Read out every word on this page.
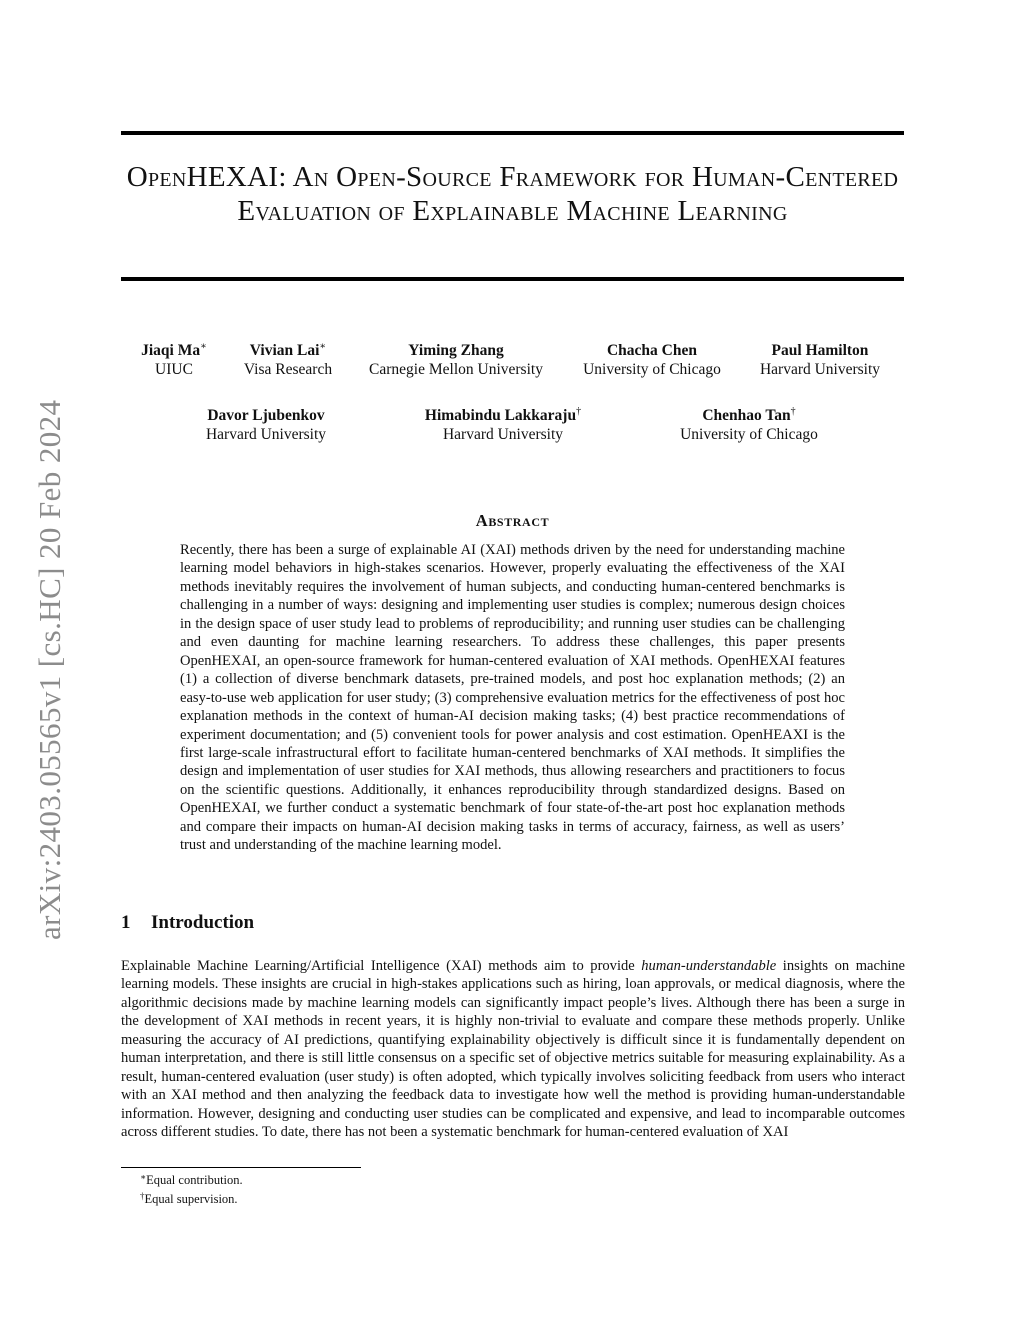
arXiv:2403.05565v1 [cs.HC] 20 Feb 2024
OpenHEXAI: An Open-Source Framework for Human-Centered Evaluation of Explainable Machine Learning
Jiaqi Ma∗
UIUC
Vivian Lai∗
Visa Research
Yiming Zhang
Carnegie Mellon University
Chacha Chen
University of Chicago
Paul Hamilton
Harvard University
Davor Ljubenkov
Harvard University
Himabindu Lakkaraju†
Harvard University
Chenhao Tan†
University of Chicago
Abstract
Recently, there has been a surge of explainable AI (XAI) methods driven by the need for understanding machine learning model behaviors in high-stakes scenarios. However, properly evaluating the effectiveness of the XAI methods inevitably requires the involvement of human subjects, and conducting human-centered benchmarks is challenging in a number of ways: designing and implementing user studies is complex; numerous design choices in the design space of user study lead to problems of reproducibility; and running user studies can be challenging and even daunting for machine learning researchers. To address these challenges, this paper presents OpenHEXAI, an open-source framework for human-centered evaluation of XAI methods. OpenHEXAI features (1) a collection of diverse benchmark datasets, pre-trained models, and post hoc explanation methods; (2) an easy-to-use web application for user study; (3) comprehensive evaluation metrics for the effectiveness of post hoc explanation methods in the context of human-AI decision making tasks; (4) best practice recommendations of experiment documentation; and (5) convenient tools for power analysis and cost estimation. OpenHEAXI is the first large-scale infrastructural effort to facilitate human-centered benchmarks of XAI methods. It simplifies the design and implementation of user studies for XAI methods, thus allowing researchers and practitioners to focus on the scientific questions. Additionally, it enhances reproducibility through standardized designs. Based on OpenHEXAI, we further conduct a systematic benchmark of four state-of-the-art post hoc explanation methods and compare their impacts on human-AI decision making tasks in terms of accuracy, fairness, as well as users’ trust and understanding of the machine learning model.
1 Introduction
Explainable Machine Learning/Artificial Intelligence (XAI) methods aim to provide human-understandable insights on machine learning models. These insights are crucial in high-stakes applications such as hiring, loan approvals, or medical diagnosis, where the algorithmic decisions made by machine learning models can significantly impact people’s lives. Although there has been a surge in the development of XAI methods in recent years, it is highly non-trivial to evaluate and compare these methods properly. Unlike measuring the accuracy of AI predictions, quantifying explainability objectively is difficult since it is fundamentally dependent on human interpretation, and there is still little consensus on a specific set of objective metrics suitable for measuring explainability. As a result, human-centered evaluation (user study) is often adopted, which typically involves soliciting feedback from users who interact with an XAI method and then analyzing the feedback data to investigate how well the method is providing human-understandable information. However, designing and conducting user studies can be complicated and expensive, and lead to incomparable outcomes across different studies. To date, there has not been a systematic benchmark for human-centered evaluation of XAI
∗Equal contribution.
†Equal supervision.
